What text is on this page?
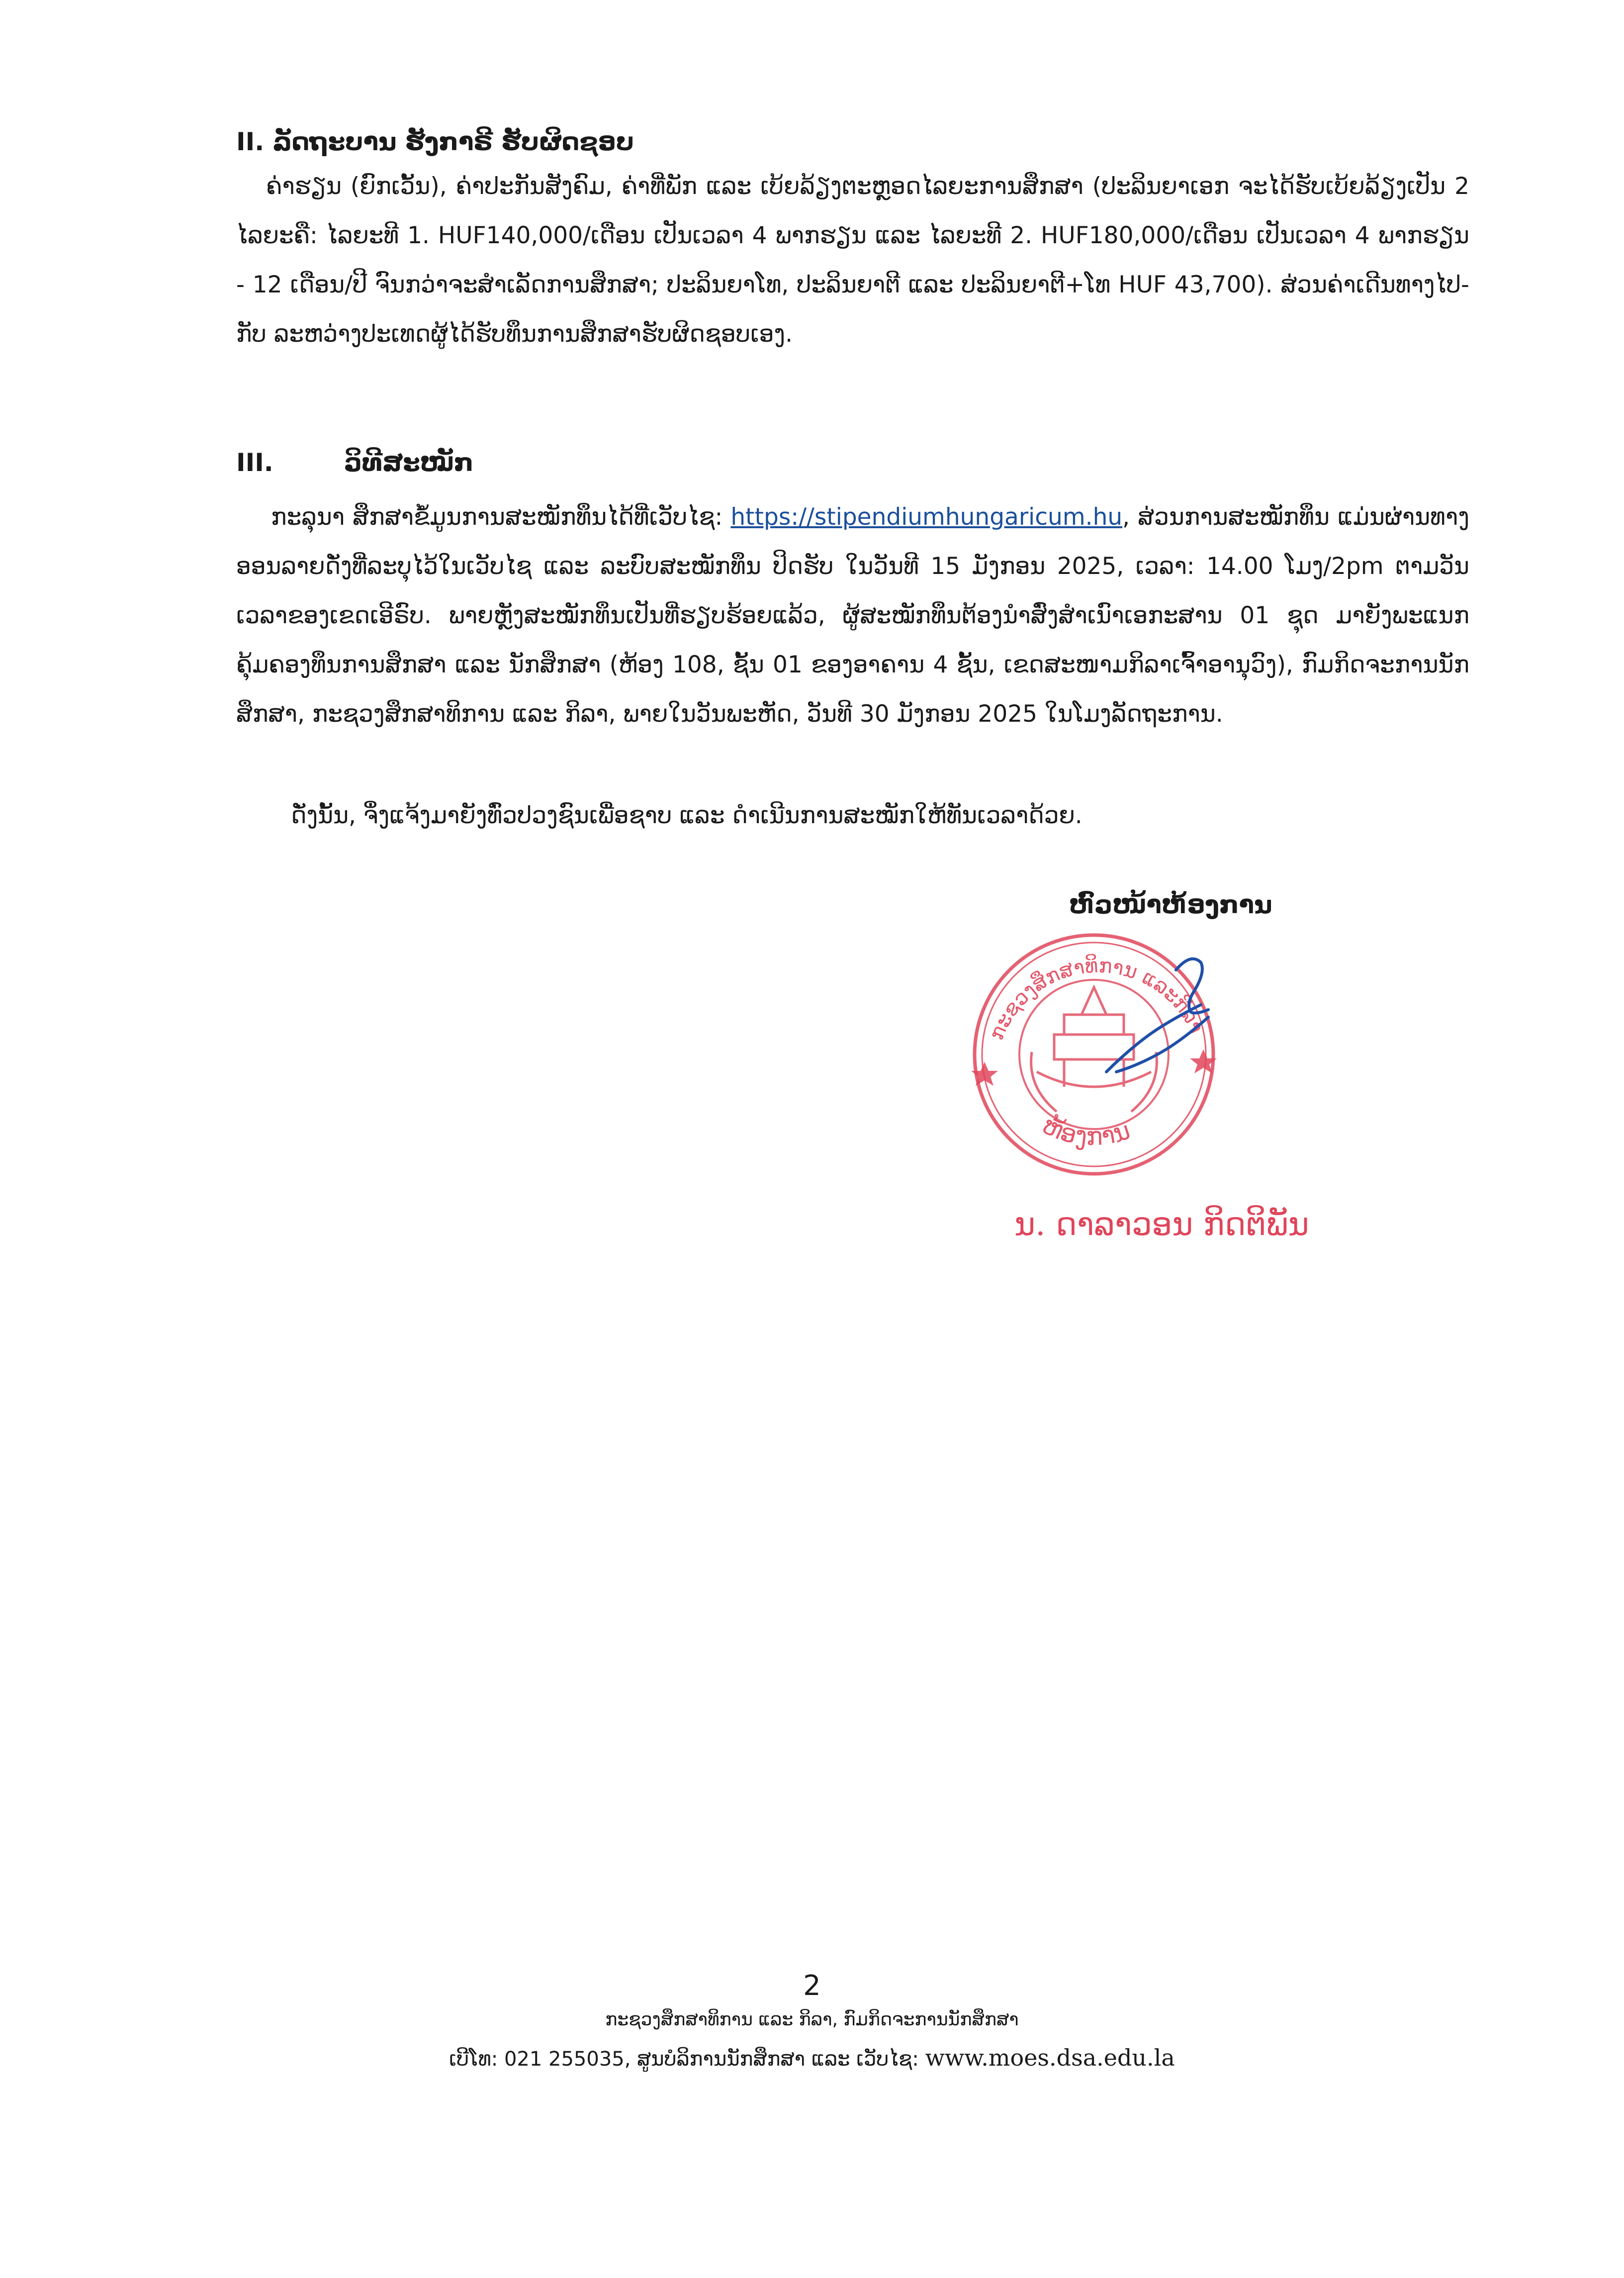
II. ລັດຖະບານ ຮັງກາຣີ ຮັບຜິດຊອບ

ຄ່າຮຽນ (ຍົກເວັ້ນ), ຄ່າປະກັນສັງຄົມ, ຄ່າທີ່ພັກ ແລະ ເບ້ຍລ້ຽງຕະຫຼອດໄລຍະການສຶກສາ (ປະລິນຍາເອກ ຈະໄດ້ຮັບເບ້ຍລ້ຽງເປັນ 2 ໄລຍະຄື: ໄລຍະທີ 1. HUF140,000/ເດືອນ ເປັນເວລາ 4 ພາກຮຽນ ແລະ ໄລຍະທີ 2. HUF180,000/ເດືອນ ເປັນເວລາ 4 ພາກຮຽນ - 12 ເດືອນ/ປີ ຈົນກວ່າຈະສຳເລັດການສຶກສາ; ປະລິນຍາໂທ, ປະລິນຍາຕີ ແລະ ປະລິນຍາຕີ+ໂທ HUF 43,700). ສ່ວນຄ່າເດີນທາງໄປ-ກັບ ລະຫວ່າງປະເທດຜູ້ໄດ້ຮັບທຶນການສຶກສາຮັບຜິດຊອບເອງ.

III.	ວິທີສະໝັກ

ກະລຸນາ ສຶກສາຂໍ້ມູນການສະໝັກທຶນໄດ້ທີ່ເວັບໄຊ: https://stipendiumhungaricum.hu, ສ່ວນການສະໝັກທຶນ ແມ່ນຜ່ານທາງອອນລາຍດັ່ງທີ່ລະບຸໄວ້ໃນເວັບໄຊ ແລະ ລະບົບສະໝັກທຶນ ປິດຮັບ ໃນວັນທີ 15 ມັງກອນ 2025, ເວລາ: 14.00 ໂມງ/2pm ຕາມວັນເວລາຂອງເຂດເອີຣົບ. ພາຍຫຼັງສະໝັກທຶນເປັນທີ່ຮຽບຮ້ອຍແລ້ວ, ຜູ້ສະໝັກທຶນຕ້ອງນຳສົ່ງສຳເນົາເອກະສານ 01 ຊຸດ ມາຍັງພະແນກຄຸ້ມຄອງທຶນການສຶກສາ ແລະ ນັກສຶກສາ (ຫ້ອງ 108, ຊັ້ນ 01 ຂອງອາຄານ 4 ຊັ້ນ, ເຂດສະໜາມກິລາເຈົ້າອານຸວົງ), ກົມກິດຈະການນັກສຶກສາ, ກະຊວງສຶກສາທິການ ແລະ ກິລາ, ພາຍໃນວັນພະຫັດ, ວັນທີ 30 ມັງກອນ 2025 ໃນໂມງລັດຖະການ.

ດັ່ງນັ້ນ, ຈຶ່ງແຈ້ງມາຍັງທົ່ວປວງຊົນເພື່ອຊາບ ແລະ ດຳເນີນການສະໝັກໃຫ້ທັນເວລາດ້ວຍ.

ຫົວໜ້າຫ້ອງການ
ກະຊວງສຶກສາທິການ ແລະກິລາ
ຫ້ອງການ
ນ. ດາລາວອນ ກິດຕິພັນ
2
ກະຊວງສຶກສາທິການ ແລະ ກິລາ, ກົມກິດຈະການນັກສຶກສາ
ເບີໂທ: 021 255035, ສູນບໍລິການນັກສຶກສາ ແລະ ເວັບໄຊ: www.moes.dsa.edu.la
